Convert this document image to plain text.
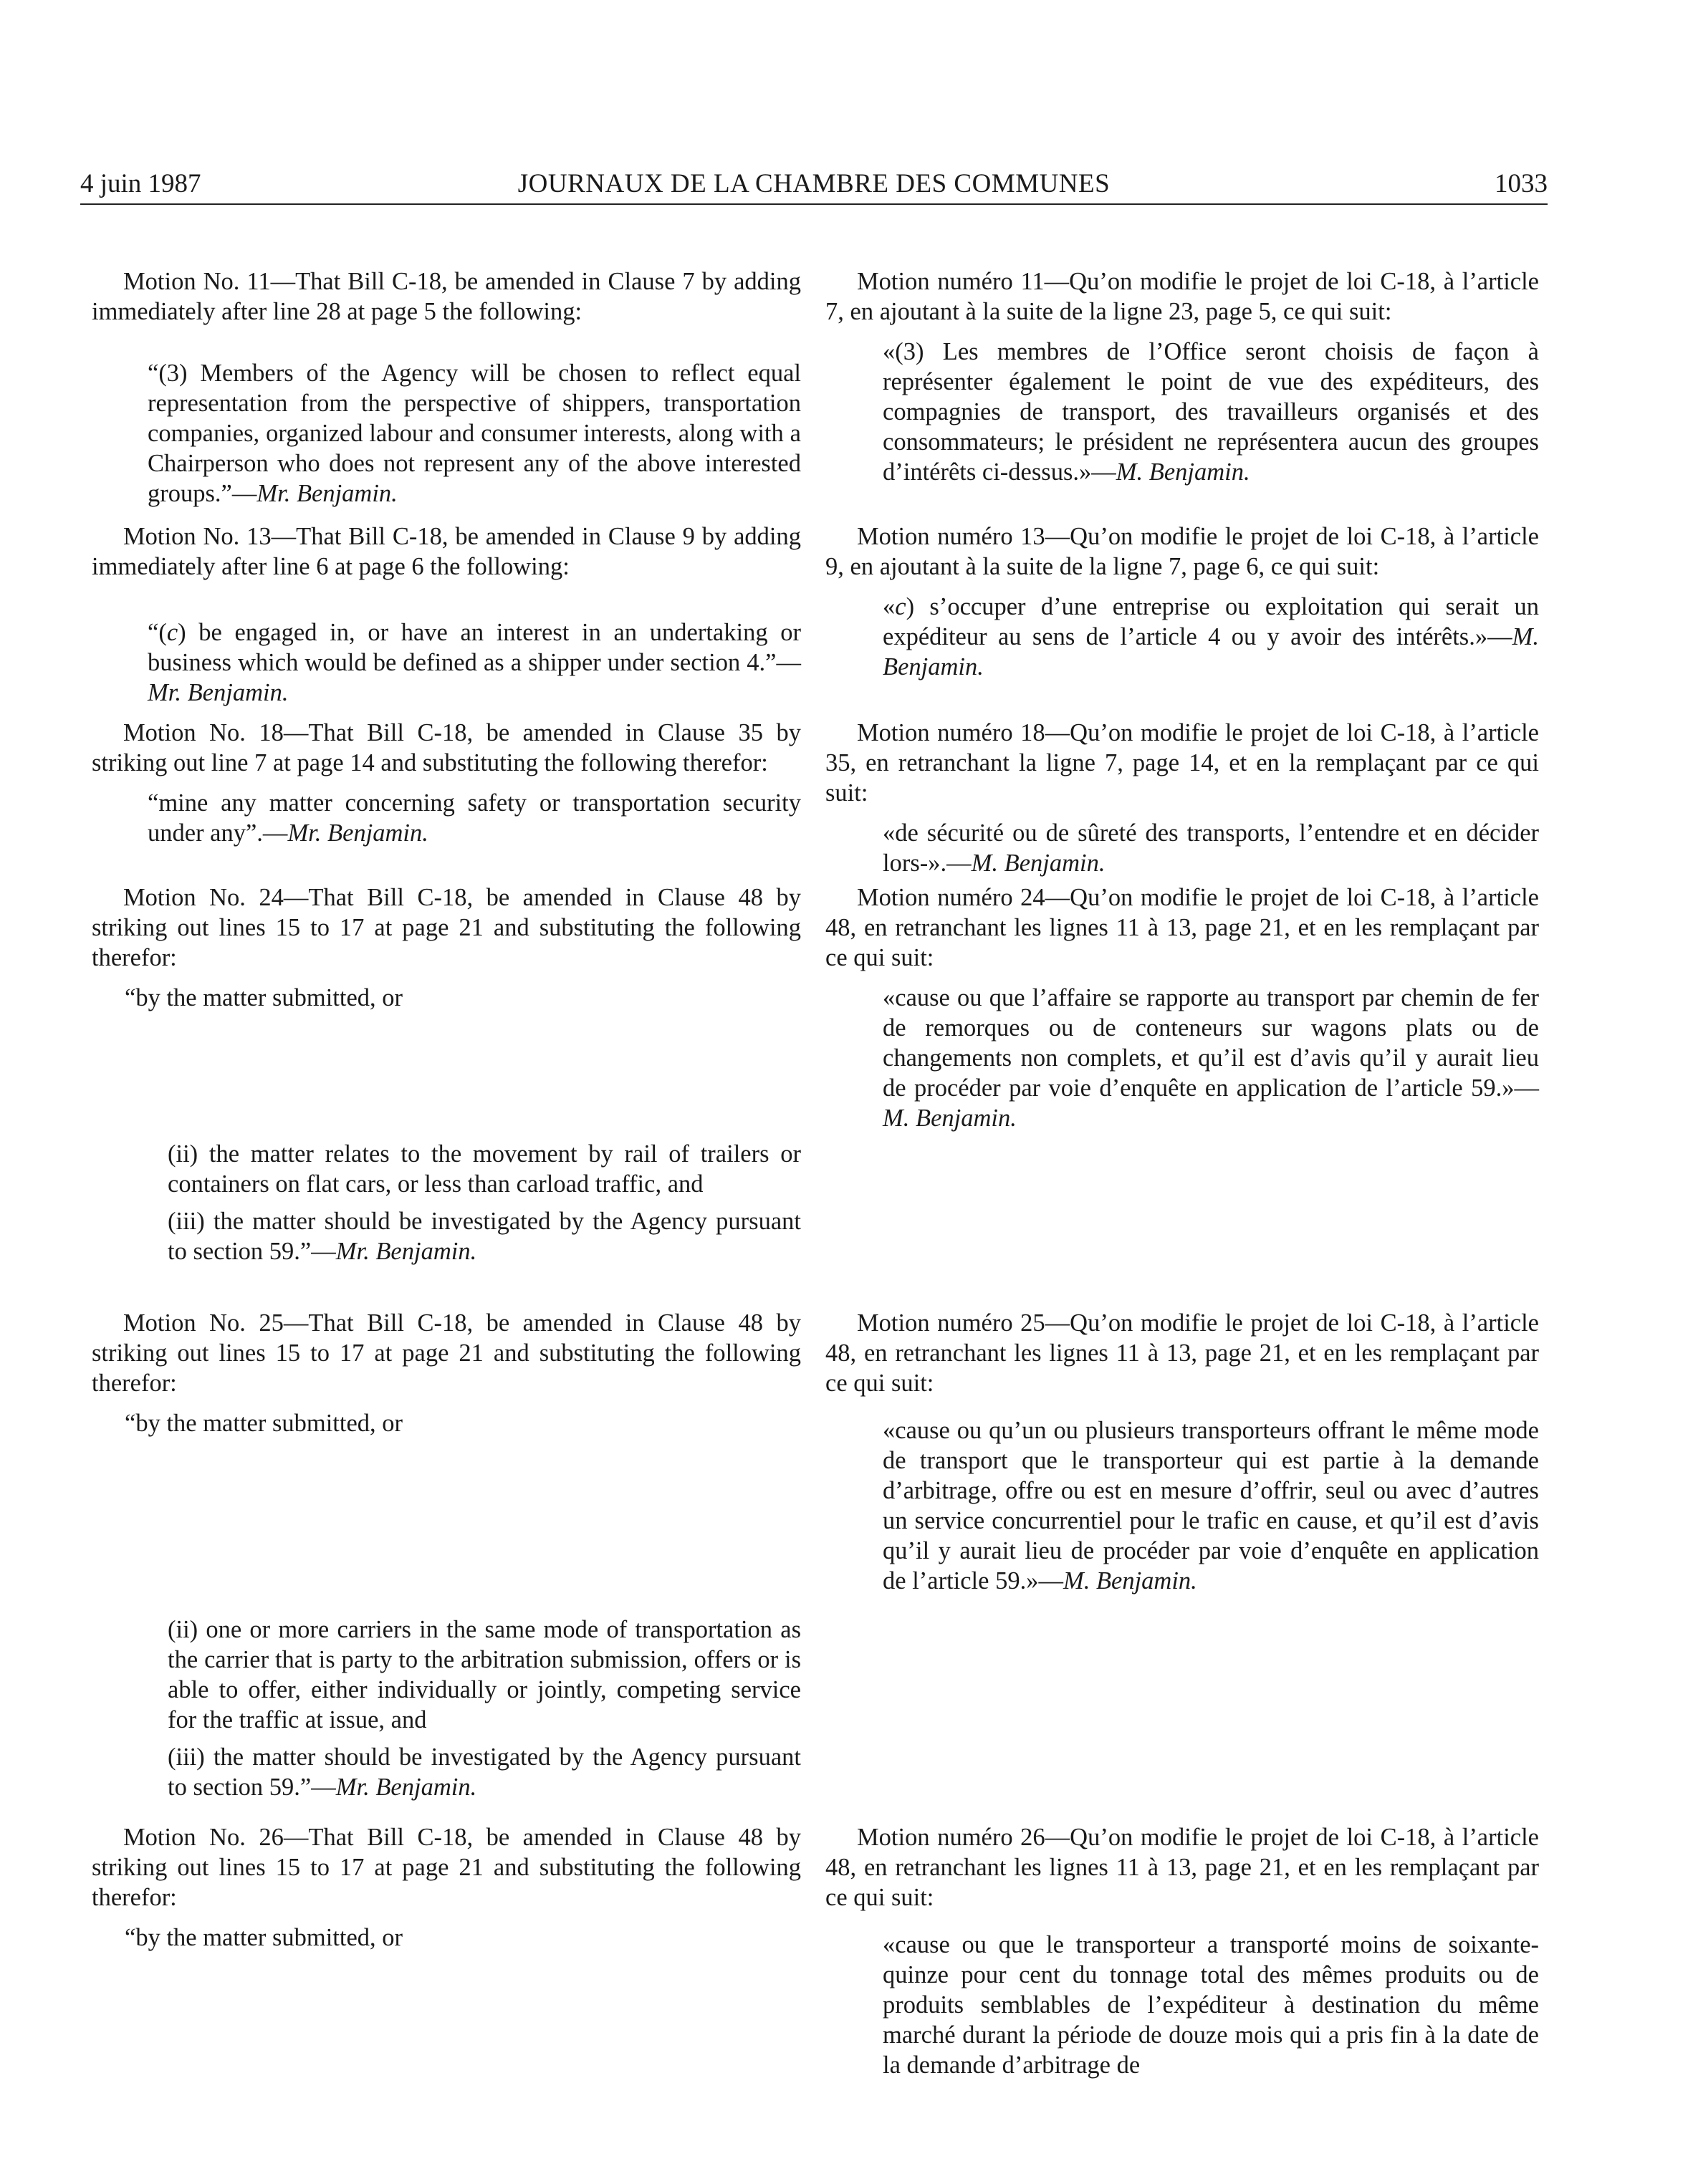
4 juin 1987	JOURNAUX DE LA CHAMBRE DES COMMUNES	1033

Motion No. 11—That Bill C-18, be amended in Clause 7 by adding immediately after line 28 at page 5 the following:

“(3) Members of the Agency will be chosen to reflect equal representation from the perspective of shippers, transportation companies, organized labour and consumer interests, along with a Chairperson who does not represent any of the above interested groups.”—Mr. Benjamin.

Motion No. 13—That Bill C-18, be amended in Clause 9 by adding immediately after line 6 at page 6 the following:

“(c) be engaged in, or have an interest in an undertaking or business which would be defined as a shipper under section 4.”—Mr. Benjamin.

Motion No. 18—That Bill C-18, be amended in Clause 35 by striking out line 7 at page 14 and substituting the following therefor:

“mine any matter concerning safety or transportation security under any”.—Mr. Benjamin.

Motion No. 24—That Bill C-18, be amended in Clause 48 by striking out lines 15 to 17 at page 21 and substituting the following therefor:

“by the matter submitted, or

(ii) the matter relates to the movement by rail of trailers or containers on flat cars, or less than carload traffic, and

(iii) the matter should be investigated by the Agency pursuant to section 59.”—Mr. Benjamin.

Motion No. 25—That Bill C-18, be amended in Clause 48 by striking out lines 15 to 17 at page 21 and substituting the following therefor:

“by the matter submitted, or

(ii) one or more carriers in the same mode of transportation as the carrier that is party to the arbitration submission, offers or is able to offer, either individually or jointly, competing service for the traffic at issue, and

(iii) the matter should be investigated by the Agency pursuant to section 59.”—Mr. Benjamin.

Motion No. 26—That Bill C-18, be amended in Clause 48 by striking out lines 15 to 17 at page 21 and substituting the following therefor:

“by the matter submitted, or

Motion numéro 11—Qu’on modifie le projet de loi C-18, à l’article 7, en ajoutant à la suite de la ligne 23, page 5, ce qui suit:

«(3) Les membres de l’Office seront choisis de façon à représenter également le point de vue des expéditeurs, des compagnies de transport, des travailleurs organisés et des consommateurs; le président ne représentera aucun des groupes d’intérêts ci-dessus.»—M. Benjamin.

Motion numéro 13—Qu’on modifie le projet de loi C-18, à l’article 9, en ajoutant à la suite de la ligne 7, page 6, ce qui suit:

«c) s’occuper d’une entreprise ou exploitation qui serait un expéditeur au sens de l’article 4 ou y avoir des intérêts.»—M. Benjamin.

Motion numéro 18—Qu’on modifie le projet de loi C-18, à l’article 35, en retranchant la ligne 7, page 14, et en la remplaçant par ce qui suit:

«de sécurité ou de sûreté des transports, l’entendre et en décider lors-».—M. Benjamin.

Motion numéro 24—Qu’on modifie le projet de loi C-18, à l’article 48, en retranchant les lignes 11 à 13, page 21, et en les remplaçant par ce qui suit:

«cause ou que l’affaire se rapporte au transport par chemin de fer de remorques ou de conteneurs sur wagons plats ou de changements non complets, et qu’il est d’avis qu’il y aurait lieu de procéder par voie d’enquête en application de l’article 59.»—M. Benjamin.

Motion numéro 25—Qu’on modifie le projet de loi C-18, à l’article 48, en retranchant les lignes 11 à 13, page 21, et en les remplaçant par ce qui suit:

«cause ou qu’un ou plusieurs transporteurs offrant le même mode de transport que le transporteur qui est partie à la demande d’arbitrage, offre ou est en mesure d’offrir, seul ou avec d’autres un service concurrentiel pour le trafic en cause, et qu’il est d’avis qu’il y aurait lieu de procéder par voie d’enquête en application de l’article 59.»—M. Benjamin.

Motion numéro 26—Qu’on modifie le projet de loi C-18, à l’article 48, en retranchant les lignes 11 à 13, page 21, et en les remplaçant par ce qui suit:

«cause ou que le transporteur a transporté moins de soixante-quinze pour cent du tonnage total des mêmes produits ou de produits semblables de l’expéditeur à destination du même marché durant la période de douze mois qui a pris fin à la date de la demande d’arbitrage de
